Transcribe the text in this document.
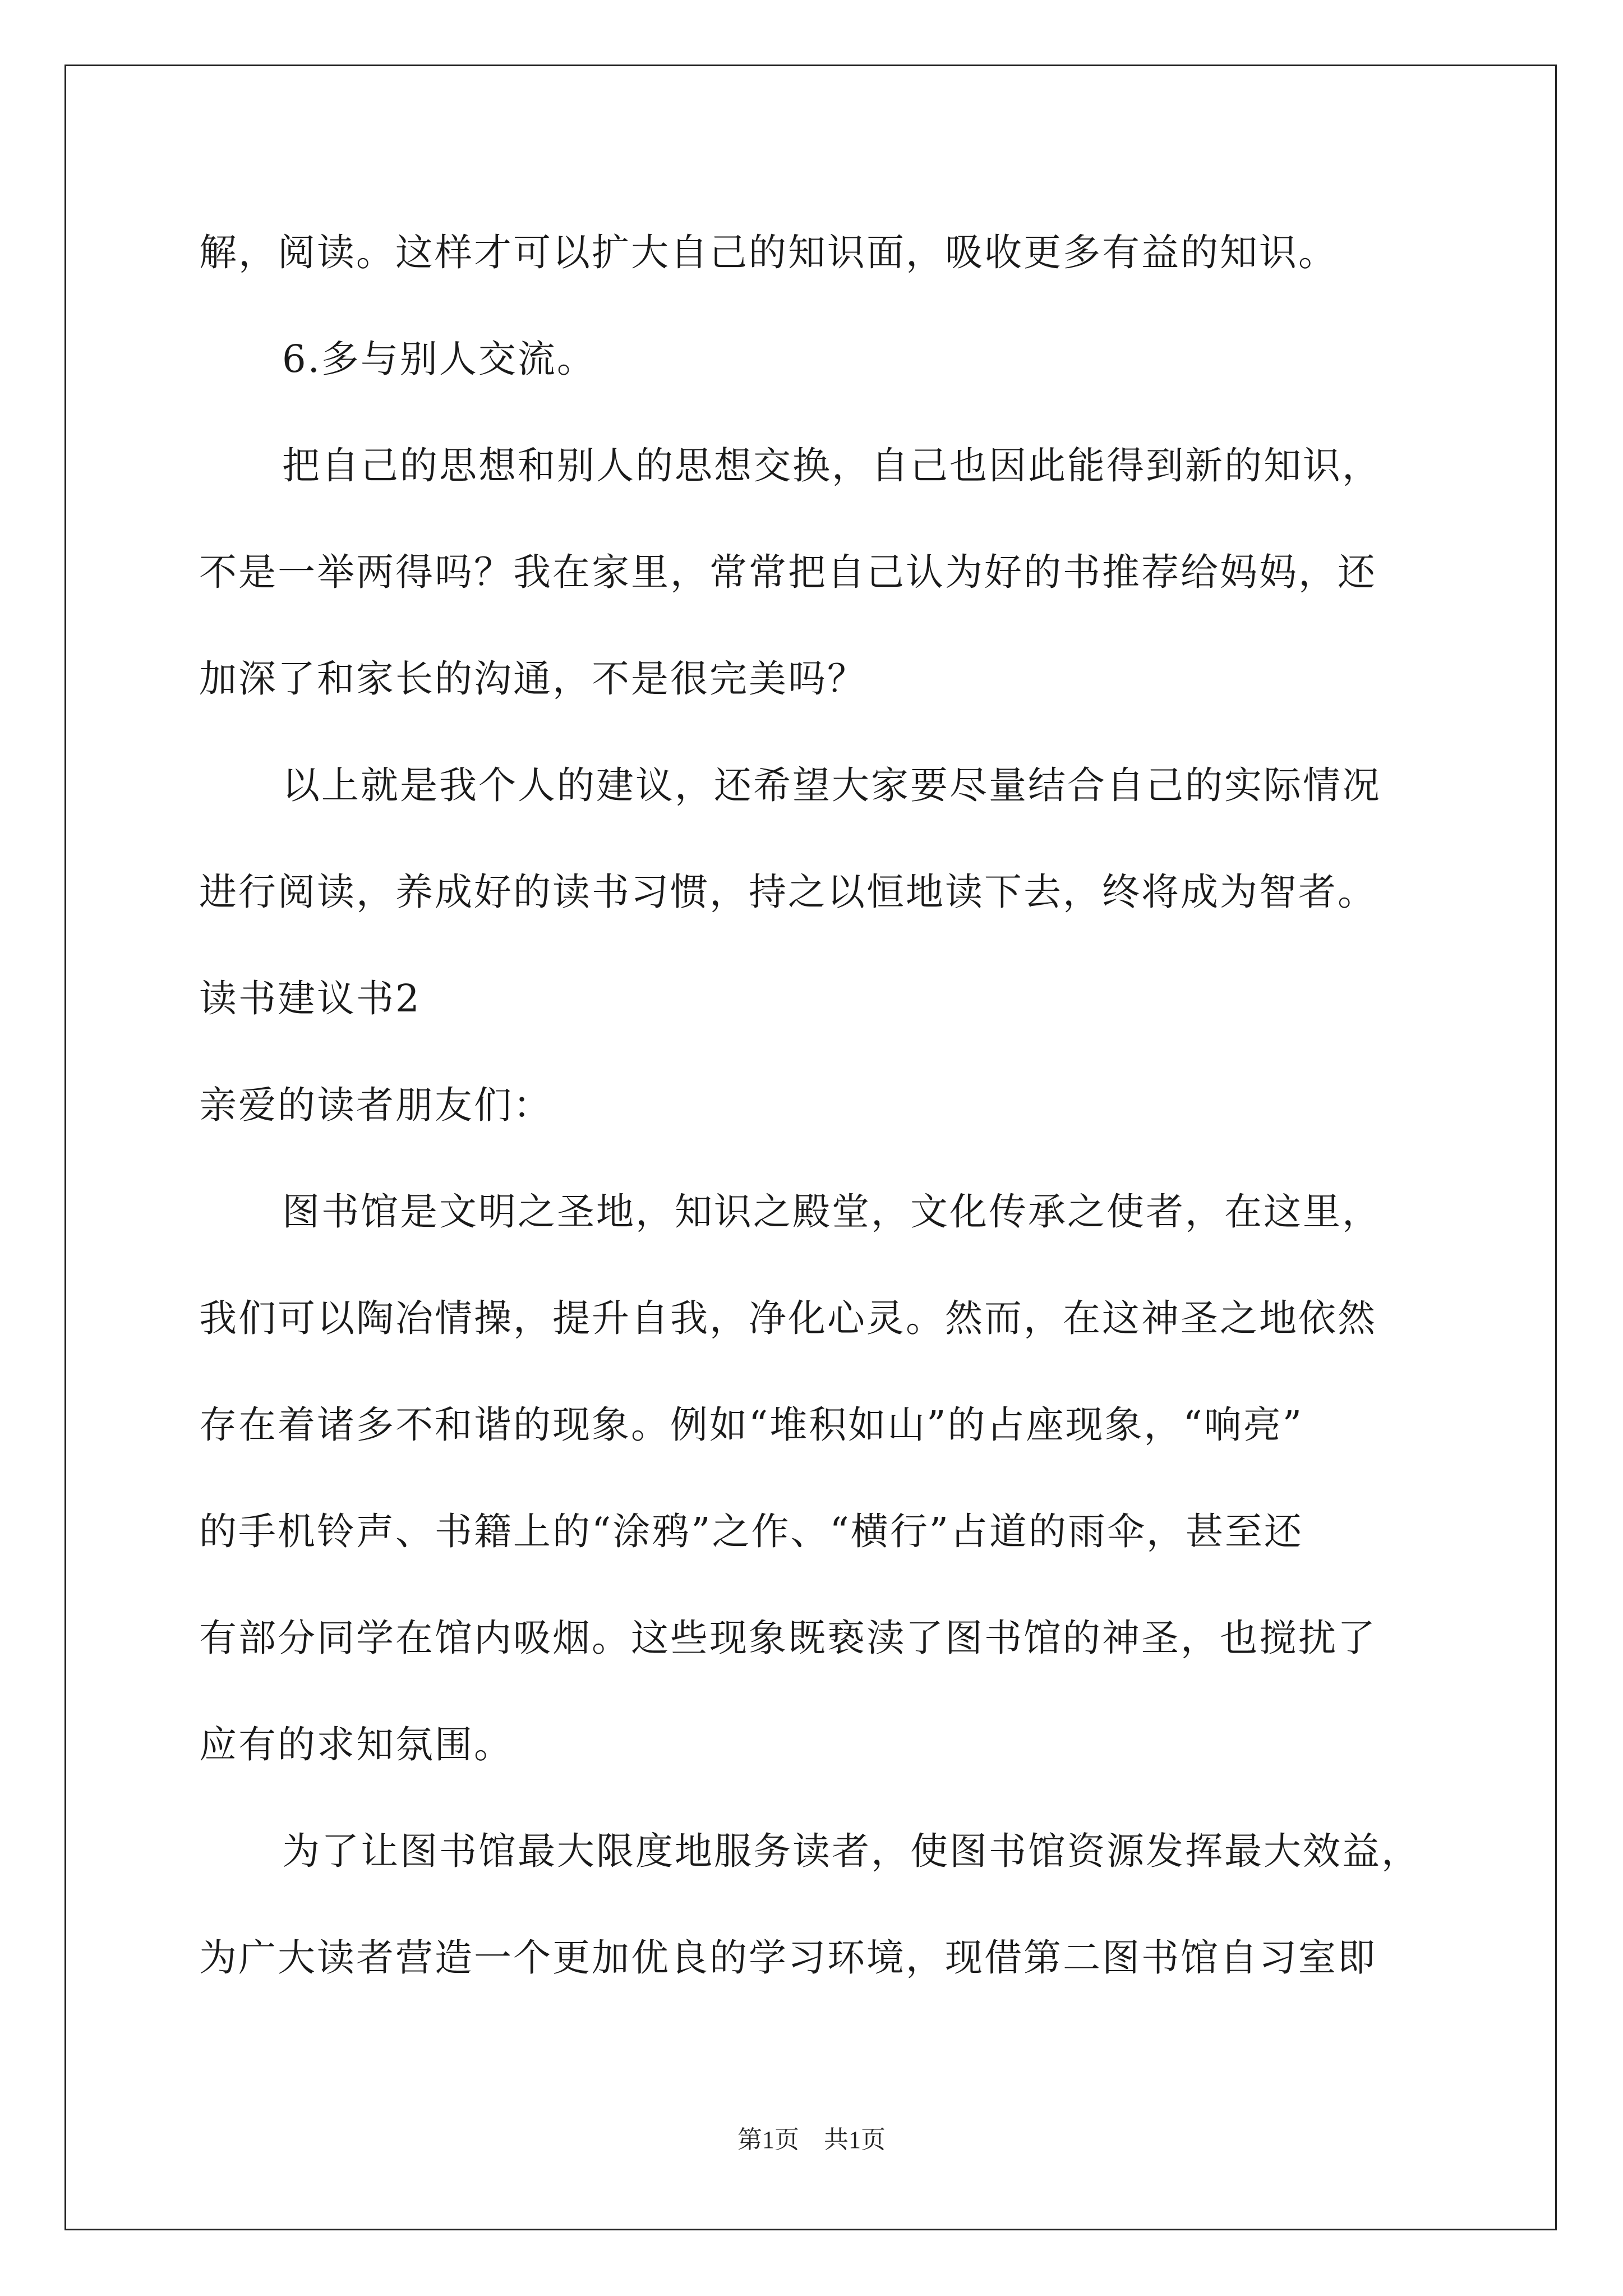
解，阅读。这样才可以扩大自己的知识面，吸收更多有益的知识。
6.多与别人交流。
把自己的思想和别人的思想交换，自己也因此能得到新的知识，
不是一举两得吗？我在家里，常常把自己认为好的书推荐给妈妈，还
加深了和家长的沟通，不是很完美吗？
以上就是我个人的建议，还希望大家要尽量结合自己的实际情况
进行阅读，养成好的读书习惯，持之以恒地读下去，终将成为智者。
读书建议书2
亲爱的读者朋友们：
图书馆是文明之圣地，知识之殿堂，文化传承之使者，在这里，
我们可以陶冶情操，提升自我，净化心灵。然而，在这神圣之地依然
存在着诸多不和谐的现象。例如“堆积如山”的占座现象，“响亮”
的手机铃声、书籍上的“涂鸦”之作、“横行”占道的雨伞，甚至还
有部分同学在馆内吸烟。这些现象既亵渎了图书馆的神圣，也搅扰了
应有的求知氛围。
为了让图书馆最大限度地服务读者，使图书馆资源发挥最大效益，
为广大读者营造一个更加优良的学习环境，现借第二图书馆自习室即
第1页　共1页
